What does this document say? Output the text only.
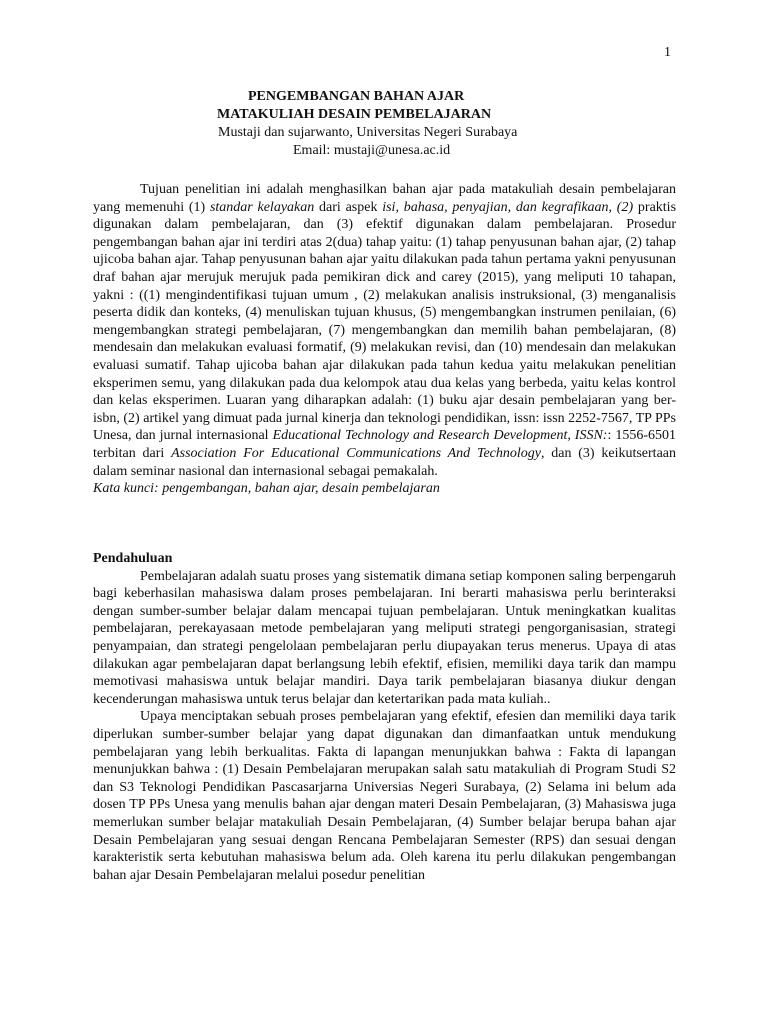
1
PENGEMBANGAN BAHAN AJAR
MATAKULIAH DESAIN PEMBELAJARAN
Mustaji dan sujarwanto, Universitas Negeri Surabaya
Email: mustaji@unesa.ac.id

Tujuan penelitian ini adalah menghasilkan bahan ajar pada matakuliah desain pembelajaran yang memenuhi (1) standar kelayakan dari aspek isi, bahasa, penyajian, dan kegrafikaan, (2) praktis digunakan dalam pembelajaran, dan (3) efektif digunakan dalam pembelajaran. Prosedur pengembangan bahan ajar ini terdiri atas 2(dua) tahap yaitu: (1) tahap penyusunan bahan ajar, (2) tahap ujicoba bahan ajar. Tahap penyusunan bahan ajar yaitu dilakukan pada tahun pertama yakni penyusunan draf bahan ajar merujuk merujuk pada pemikiran dick and carey (2015), yang meliputi 10 tahapan, yakni : ((1) mengindentifikasi tujuan umum , (2) melakukan analisis instruksional, (3) menganalisis peserta didik dan konteks, (4) menuliskan tujuan khusus, (5) mengembangkan instrumen penilaian, (6) mengembangkan strategi pembelajaran, (7) mengembangkan dan memilih bahan pembelajaran, (8) mendesain dan melakukan evaluasi formatif, (9) melakukan revisi, dan (10) mendesain dan melakukan evaluasi sumatif. Tahap ujicoba bahan ajar dilakukan pada tahun kedua yaitu melakukan penelitian eksperimen semu, yang dilakukan pada dua kelompok atau dua kelas yang berbeda, yaitu kelas kontrol dan kelas eksperimen. Luaran yang diharapkan adalah: (1) buku ajar desain pembelajaran yang ber-isbn, (2) artikel yang dimuat pada jurnal kinerja dan teknologi pendidikan, issn: issn 2252-7567, TP PPs Unesa, dan jurnal internasional Educational Technology and Research Development, ISSN:: 1556-6501 terbitan dari Association For Educational Communications And Technology, dan (3) keikutsertaan dalam seminar nasional dan internasional sebagai pemakalah.

Kata kunci: pengembangan, bahan ajar, desain pembelajaran

Pendahuluan

Pembelajaran adalah suatu proses yang sistematik dimana setiap komponen saling berpengaruh bagi keberhasilan mahasiswa dalam proses pembelajaran. Ini berarti mahasiswa perlu berinteraksi dengan sumber-sumber belajar dalam mencapai tujuan pembelajaran. Untuk meningkatkan kualitas pembelajaran, perekayasaan metode pembelajaran yang meliputi strategi pengorganisasian, strategi penyampaian, dan strategi pengelolaan pembelajaran perlu diupayakan terus menerus. Upaya di atas dilakukan agar pembelajaran dapat berlangsung lebih efektif, efisien, memiliki daya tarik dan mampu memotivasi mahasiswa untuk belajar mandiri. Daya tarik pembelajaran biasanya diukur dengan kecenderungan mahasiswa untuk terus belajar dan ketertarikan pada mata kuliah..

Upaya menciptakan sebuah proses pembelajaran yang efektif, efesien dan memiliki daya tarik diperlukan sumber-sumber belajar yang dapat digunakan dan dimanfaatkan untuk mendukung pembelajaran yang lebih berkualitas. Fakta di lapangan menunjukkan bahwa : Fakta di lapangan menunjukkan bahwa : (1) Desain Pembelajaran merupakan salah satu matakuliah di Program Studi S2 dan S3 Teknologi Pendidikan Pascasarjarna Universias Negeri Surabaya, (2) Selama ini belum ada dosen TP PPs Unesa yang menulis bahan ajar dengan materi Desain Pembelajaran, (3) Mahasiswa juga memerlukan sumber belajar matakuliah Desain Pembelajaran, (4) Sumber belajar berupa bahan ajar Desain Pembelajaran yang sesuai dengan Rencana Pembelajaran Semester (RPS) dan sesuai dengan karakteristik serta kebutuhan mahasiswa belum ada. Oleh karena itu perlu dilakukan pengembangan bahan ajar Desain Pembelajaran melalui posedur penelitian
